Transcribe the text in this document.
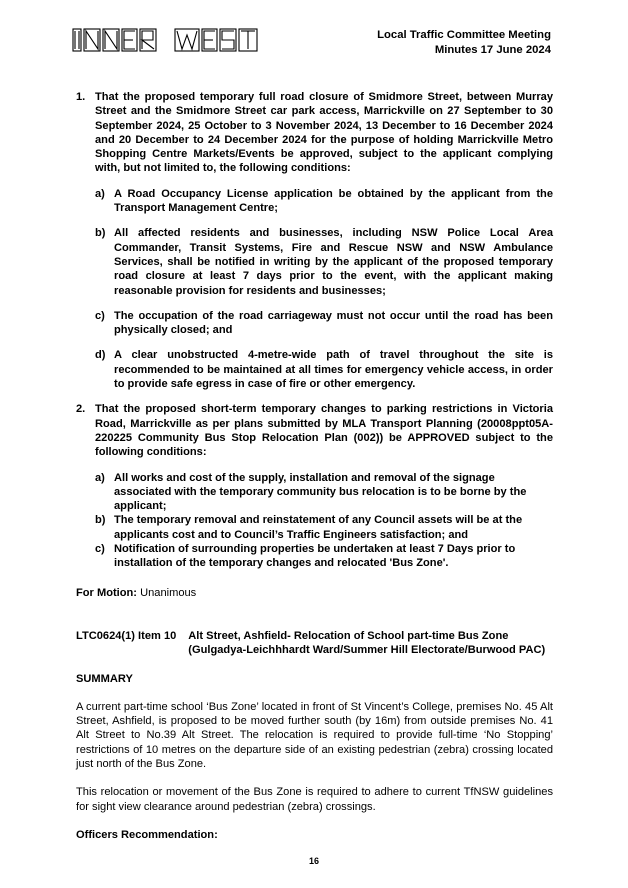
Local Traffic Committee Meeting
Minutes 17 June 2024
1. That the proposed temporary full road closure of Smidmore Street, between Murray Street and the Smidmore Street car park access, Marrickville on 27 September to 30 September 2024, 25 October to 3 November 2024, 13 December to 16 December 2024 and 20 December to 24 December 2024 for the purpose of holding Marrickville Metro Shopping Centre Markets/Events be approved, subject to the applicant complying with, but not limited to, the following conditions:
a) A Road Occupancy License application be obtained by the applicant from the Transport Management Centre;
b) All affected residents and businesses, including NSW Police Local Area Commander, Transit Systems, Fire and Rescue NSW and NSW Ambulance Services, shall be notified in writing by the applicant of the proposed temporary road closure at least 7 days prior to the event, with the applicant making reasonable provision for residents and businesses;
c) The occupation of the road carriageway must not occur until the road has been physically closed; and
d) A clear unobstructed 4-metre-wide path of travel throughout the site is recommended to be maintained at all times for emergency vehicle access, in order to provide safe egress in case of fire or other emergency.
2. That the proposed short-term temporary changes to parking restrictions in Victoria Road, Marrickville as per plans submitted by MLA Transport Planning (20008ppt05A-220225 Community Bus Stop Relocation Plan (002)) be APPROVED subject to the following conditions:
a) All works and cost of the supply, installation and removal of the signage associated with the temporary community bus relocation is to be borne by the applicant;
b) The temporary removal and reinstatement of any Council assets will be at the applicants cost and to Council’s Traffic Engineers satisfaction; and
c) Notification of surrounding properties be undertaken at least 7 Days prior to installation of the temporary changes and relocated 'Bus Zone'.
For Motion: Unanimous
LTC0624(1) Item 10 Alt Street, Ashfield- Relocation of School part-time Bus Zone
(Gulgadya-Leichhhardt Ward/Summer Hill Electorate/Burwood PAC)
SUMMARY
A current part-time school ‘Bus Zone’ located in front of St Vincent’s College, premises No. 45 Alt Street, Ashfield, is proposed to be moved further south (by 16m) from outside premises No. 41 Alt Street to No.39 Alt Street. The relocation is required to provide full-time ‘No Stopping’ restrictions of 10 metres on the departure side of an existing pedestrian (zebra) crossing located just north of the Bus Zone.
This relocation or movement of the Bus Zone is required to adhere to current TfNSW guidelines for sight view clearance around pedestrian (zebra) crossings.
Officers Recommendation:
16
